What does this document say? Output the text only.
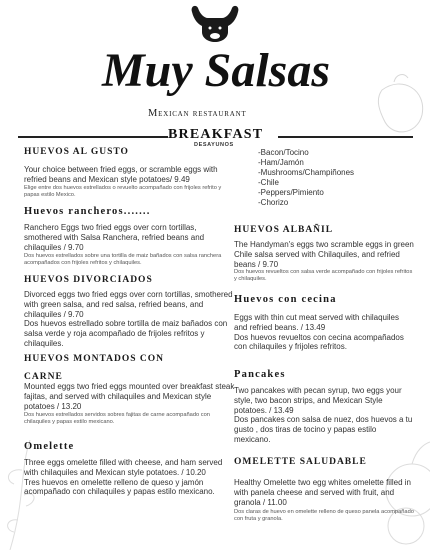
Muy Salsas
Mexican restaurant
BREAKFAST
DESAYUNOS

HUEVOS AL GUSTO

Your choice between fried eggs, or scramble eggs with refried beans and Mexican style potatoes/ 9.49

Elige entre dos huevos estrellados o revuelto acompañado con frijoles refrito y papas estilo Mexico.

Huevos rancheros.......

Ranchero Eggs two fried eggs over corn tortillas, smothered with Salsa Ranchera, refried beans and chilaquiles / 9.70

Dos huevos estrellados sobre una tortilla de maiz bañados con salsa ranchera acompañados con frijoles refritos y chilaquiles.

HUEVOS DIVORCIADOS

Divorced eggs two fried eggs over corn tortillas, smothered with green salsa, and red salsa, refried beans, and chilaquiles / 9.70

Dos huevos estrellado sobre tortilla de maiz bañados con salsa verde y roja acompañado de frijoles refritos y chilaquiles.

HUEVOS MONTADOS CON

CARNE

Mounted eggs two fried eggs mounted over breakfast steak fajitas, and served with chilaquiles and Mexican style potatoes / 13.20

Dos huevos estrellados servidos sobres fajitas de carne acompañado con chilaquiles y papas estilo mexicano.

Omelette

Three eggs omelette filled with cheese, and ham served with chilaquiles and Mexican style potatoes. / 10.20

Tres huevos en omelette relleno de queso y jamón acompañado con chilaquiles y papas estilo mexicano.

-Bacon/Tocino
-Ham/Jamón
-Mushrooms/Champiñones
-Chile
-Peppers/Pimiento
-Chorizo

HUEVOS ALBAÑIL

The Handyman's eggs two scramble eggs in green Chile salsa served with Chilaquiles, and refried beans / 9.70

Dos huevos revueltos con salsa verde acompañado con frijoles refritos y chilaquiles.

Huevos con cecina

Eggs with thin cut meat served with chilaquiles and refried beans. / 13.49

Dos huevos revueltos con cecina acompañados con chilaquiles y frijoles refritos.

Pancakes

Two pancakes with pecan syrup, two eggs your style, two bacon strips, and Mexican Style potatoes. / 13.49

Dos pancakes con salsa de nuez, dos huevos a tu gusto , dos tiras de tocino y papas estilo mexicano.

OMELETTE SALUDABLE

Healthy Omelette two egg whites omelette filled in with panela cheese and served with fruit, and granola / 11.00

Dos claras de huevo en omelette relleno de queso panela acompañado con fruta y granola.
